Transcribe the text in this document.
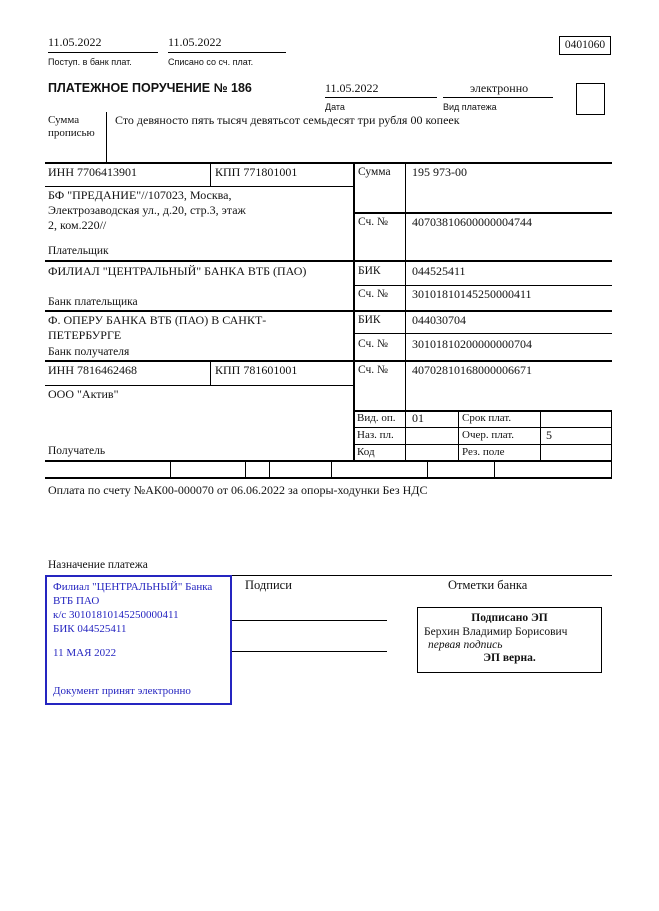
11.05.2022
Поступ. в банк плат.
11.05.2022
Списано со сч. плат.
0401060
ПЛАТЕЖНОЕ ПОРУЧЕНИЕ № 186	11.05.2022
Дата
электронно
Вид платежа
Сумма прописью
Сто девяносто пять тысяч девятьсот семьдесят три рубля 00 копеек
ИНН 7706413901	КПП 771801001	Сумма 195 973-00
БФ "ПРЕДАНИЕ"//107023, Москва,
Электрозаводская ул., д.20, стр.3, этаж
2, ком.220//	Сч. № 40703810600000004744
Плательщик
ФИЛИАЛ "ЦЕНТРАЛЬНЫЙ" БАНКА ВТБ (ПАО)	БИК	044525411
Сч. № 30101810145250000411
Банк плательщика
Ф. ОПЕРУ БАНКА ВТБ (ПАО) В САНКТ-
ПЕТЕРБУРГЕ
БИК	044030704
Сч. № 30101810200000000704
Банк получателя
ИНН 7816462468	КПП 781601001	Сч. № 40702810168000006671
ООО "Актив"
Получатель
Вид. оп. 01	Срок плат.
Наз. пл.	Очер. плат.	5
Код	Рез. поле
Оплата по счету №АК00-000070 от 06.06.2022 за опоры-ходунки Без НДС
Назначение платежа
Подписи	Отметки банка
Филиал "ЦЕНТРАЛЬНЫЙ" Банка
ВТБ ПАО
к/с 30101810145250000411
БИК 044525411
11 МАЯ 2022
Документ принят электронно
Подписано ЭП
Берхин Владимир Борисович
первая подпись
ЭП верна.
